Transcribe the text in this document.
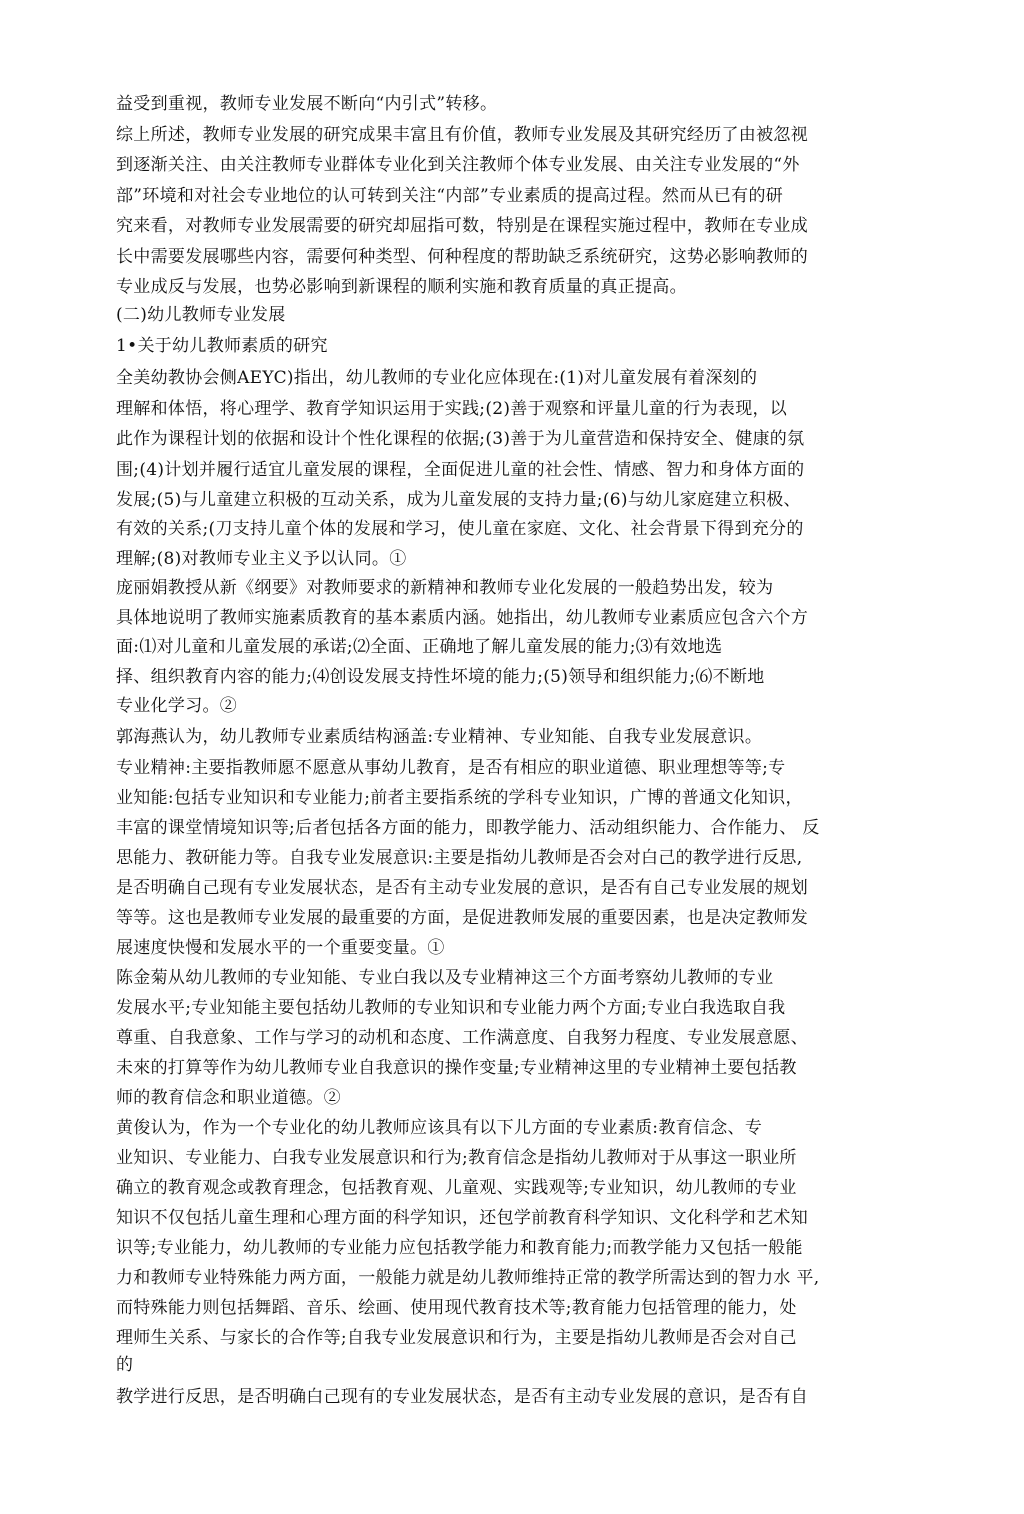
益受到重视，教师专业发展不断向“内引式”转移。
综上所述，教师专业发展的研究成果丰富且有价值，教师专业发展及其研究经历了由被忽视
到逐渐关注、由关注教师专业群体专业化到关注教师个体专业发展、由关注专业发展的“外
部”环境和对社会专业地位的认可转到关注“内部”专业素质的提高过程。然而从已有的研
究来看，对教师专业发展需要的研究却屈指可数，特别是在课程实施过程中，教师在专业成
长中需要发展哪些内容，需要何种类型、何种程度的帮助缺乏系统研究，这势必影响教师的
专业成反与发展，也势必影响到新课程的顺利实施和教育质量的真正提高。
(二)幼儿教师专业发展
1•关于幼儿教师素质的研究
全美幼教协会侧AEYC)指出，幼儿教师的专业化应体现在:(1)对儿童发展有着深刻的
理解和体悟，将心理学、教育学知识运用于实践;(2)善于观察和评量儿童的行为表现，以
此作为课程计划的依据和设计个性化课程的依据;(3)善于为儿童营造和保持安全、健康的氛
围;(4)计划并履行适宜儿童发展的课程，全面促进儿童的社会性、情感、智力和身体方面的
发展;(5)与儿童建立积极的互动关系，成为儿童发展的支持力量;(6)与幼儿家庭建立积极、
有效的关系;(刀支持儿童个体的发展和学习，使儿童在家庭、文化、社会背景下得到充分的
理解;(8)对教师专业主义予以认同。①
庞丽娟教授从新《纲要》对教师要求的新精神和教师专业化发展的一般趋势出发，较为
具体地说明了教师实施素质教育的基本素质内涵。她指出，幼儿教师专业素质应包含六个方
面:⑴对儿童和儿童发展的承诺;⑵全面、正确地了解儿童发展的能力;⑶有效地选
择、组织教育内容的能力;⑷创设发展支持性坏境的能力;(5)领导和组织能力;⑹不断地
专业化学习。②
郭海燕认为，幼儿教师专业素质结构涵盖:专业精神、专业知能、自我专业发展意识。
专业精神:主要指教师愿不愿意从事幼儿教育，是否有相应的职业道德、职业理想等等;专
业知能:包括专业知识和专业能力;前者主要指系统的学科专业知识，广博的普通文化知识，
丰富的课堂情境知识等;后者包括各方面的能力，即教学能力、活动组织能力、合作能力、 反
思能力、教研能力等。自我专业发展意识:主要是指幼儿教师是否会对白己的教学进行反思,
是否明确自己现有专业发展状态，是否有主动专业发展的意识，是否有自己专业发展的规划
等等。这也是教师专业发展的最重要的方面，是促进教师发展的重要因素，也是决定教师发
展速度快慢和发展水平的一个重要变量。①
陈金菊从幼儿教师的专业知能、专业白我以及专业精神这三个方面考察幼儿教师的专业
发展水平;专业知能主要包括幼儿教师的专业知识和专业能力两个方面;专业白我选取自我
尊重、自我意象、工作与学习的动机和态度、工作满意度、自我努力程度、专业发展意愿、
未來的打算等作为幼儿教师专业自我意识的操作变量;专业精神这里的专业精神土要包括教
师的教育信念和职业道德。②
黄俊认为，作为一个专业化的幼儿教师应该具有以下儿方面的专业素质:教育信念、专
业知识、专业能力、白我专业发展意识和行为;教育信念是指幼儿教师对于从事这一职业所
确立的教育观念或教育理念，包括教育观、儿童观、实践观等;专业知识，幼儿教师的专业
知识不仅包括儿童生理和心理方面的科学知识，还包学前教育科学知识、文化科学和艺术知
识等;专业能力，幼儿教师的专业能力应包括教学能力和教育能力;而教学能力又包括一般能
力和教师专业特殊能力两方面，一般能力就是幼儿教师维持正常的教学所需达到的智力水 平,
而特殊能力则包括舞蹈、音乐、绘画、使用现代教育技术等;教育能力包括管理的能力，处
理师生关系、与家长的合作等;自我专业发展意识和行为，主要是指幼儿教师是否会对自己
的
教学进行反思，是否明确白己现有的专业发展状态，是否有主动专业发展的意识，是否有自
